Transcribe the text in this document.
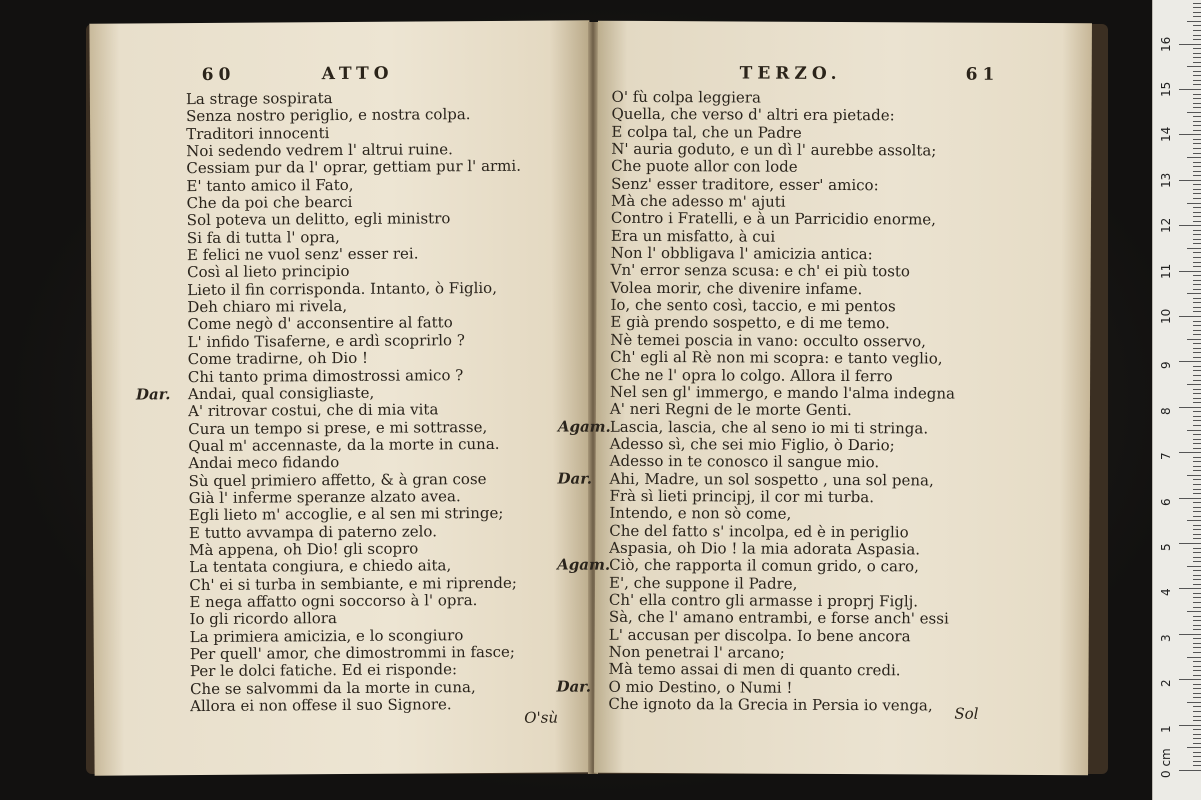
60	ATTO
La strage sospirata
Senza nostro periglio, e nostra colpa.
Traditori innocenti
Noi sedendo vedrem l' altrui ruine.
Cessiam pur da l' oprar, gettiam pur l' armi.
E' tanto amico il Fato,
Che da poi che bearci
Sol poteva un delitto, egli ministro
Si fa di tutta l' opra,
E felici ne vuol senz' esser rei.
Così al lieto principio
Lieto il fin corrisponda. Intanto, ò Figlio,
Deh chiaro mi rivela,
Come negò d' acconsentire al fatto
L' infido Tisaferne, e ardì scoprirlo ?
Come tradirne, oh Dio !
Chi tanto prima dimostrossi amico ?
Dar. Andai, qual consigliaste,
A' ritrovar costui, che di mia vita
Cura un tempo si prese, e mi sottrasse,
Qual m' accennaste, da la morte in cuna.
Andai meco fidando
Sù quel primiero affetto, & à gran cose
Già l' inferme speranze alzato avea.
Egli lieto m' accoglie, e al sen mi stringe;
E tutto avvampa di paterno zelo.
Mà appena, oh Dio! gli scopro
La tentata congiura, e chiedo aita,
Ch' ei si turba in sembiante, e mi riprende;
E nega affatto ogni soccorso à l' opra.
Io gli ricordo allora
La primiera amicizia, e lo scongiuro
Per quell' amor, che dimostrommi in fasce;
Per le dolci fatiche. Ed ei risponde:
Che se salvommi da la morte in cuna,
Allora ei non offese il suo Signore.
O'sù
TERZO.	61
O' fù colpa leggiera
Quella, che verso d' altri era pietade:
E colpa tal, che un Padre
N' auria goduto, e un dì l' aurebbe assolta;
Che puote allor con lode
Senz' esser traditore, esser' amico:
Mà che adesso m' ajuti
Contro i Fratelli, e à un Parricidio enorme,
Era un misfatto, à cui
Non l' obbligava l' amicizia antica:
Vn' error senza scusa: e ch' ei più tosto
Volea morir, che divenire infame.
Io, che sento così, taccio, e mi pentos
E già prendo sospetto, e di me temo.
Nè temei poscia in vano: occulto osservo,
Ch' egli al Rè non mi scopra: e tanto veglio,
Che ne l' opra lo colgo. Allora il ferro
Nel sen gl' immergo, e mando l'alma indegna
A' neri Regni de le morte Genti.
Agam.Lascia, lascia, che al seno io mi ti stringa.
Adesso sì, che sei mio Figlio, ò Dario;
Adesso in te conosco il sangue mio.
Dar. Ahi, Madre, un sol sospetto , una sol pena,
Frà sì lieti principj, il cor mi turba.
Intendo, e non sò come,
Che del fatto s' incolpa, ed è in periglio
Aspasia, oh Dio ! la mia adorata Aspasia.
Agam.Ciò, che rapporta il comun grido, o caro,
E', che suppone il Padre,
Ch' ella contro gli armasse i proprj Figlj.
Sà, che l' amano entrambi, e forse anch' essi
L' accusan per discolpa. Io bene ancora
Non penetrai l' arcano;
Mà temo assai di men di quanto credi.
Dar. O mio Destino, o Numi !
Che ignoto da la Grecia in Persia io venga,	Sol
0 cm
1
2
3
4
5
6
7
8
9
10
11
12
13
14
15
16
